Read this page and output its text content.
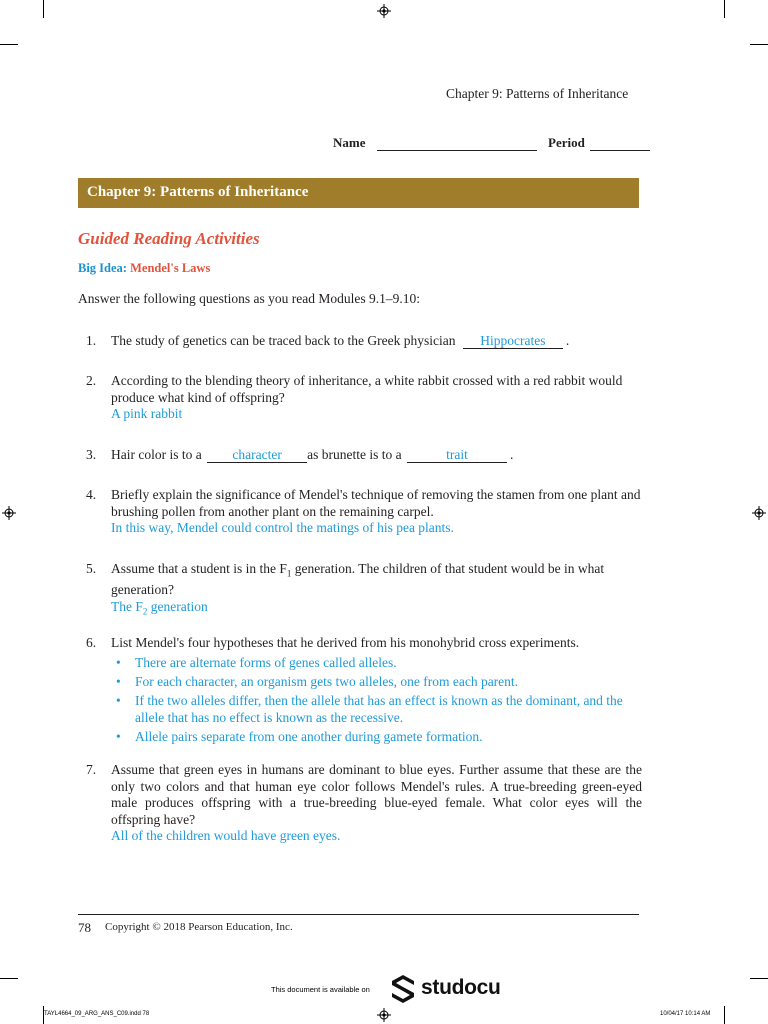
Chapter 9: Patterns of Inheritance
Name	Period
Chapter 9: Patterns of Inheritance
Guided Reading Activities
Big Idea: Mendel's Laws
Answer the following questions as you read Modules 9.1–9.10:
1. The study of genetics can be traced back to the Greek physician Hippocrates .
2. According to the blending theory of inheritance, a white rabbit crossed with a red rabbit would produce what kind of offspring?
A pink rabbit
3. Hair color is to a character as brunette is to a	trait	.
4. Briefly explain the significance of Mendel's technique of removing the stamen from one plant and brushing pollen from another plant on the remaining carpel.
In this way, Mendel could control the matings of his pea plants.
5. Assume that a student is in the $F_1$ generation. The children of that student would be in what generation?
The $F_2$ generation
6. List Mendel's four hypotheses that he derived from his monohybrid cross experiments.
• There are alternate forms of genes called alleles.
• For each character, an organism gets two alleles, one from each parent.
• If the two alleles differ, then the allele that has an effect is known as the dominant, and the allele that has no effect is known as the recessive.
• Allele pairs separate from one another during gamete formation.
7. Assume that green eyes in humans are dominant to blue eyes. Further assume that these are the only two colors and that human eye color follows Mendel's rules. A true-breeding green-eyed male produces offspring with a true-breeding blue-eyed female. What color eyes will the offspring have?
All of the children would have green eyes.
78 Copyright © 2018 Pearson Education, Inc.
This document is available on studocu
TAYL4664_09_ARG_ANS_C09.indd 78	10/04/17 10:14 AM
